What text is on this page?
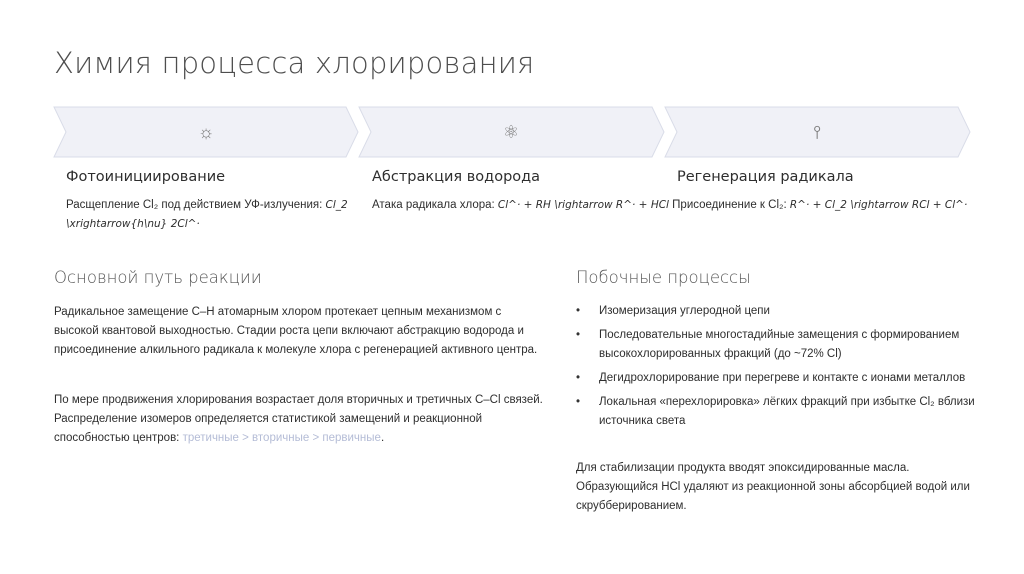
Химия процесса хлорирования
☼	⚛	⫯
Фотоинициирование	Абстракция водорода	Регенерация радикала
Расщепление Cl₂ под действием УФ-излучения: Cl_2 \xrightarrow{h\nu} 2Cl^·
Атака радикала хлора: Cl^· + RH \rightarrow R^· + HCl Присоединение к Cl₂: R^· + Cl_2 \rightarrow RCl + Cl^·
Основной путь реакции

Радикальное замещение C–H атомарным хлором протекает цепным механизмом с высокой квантовой выходностью. Стадии роста цепи включают абстракцию водорода и присоединение алкильного радикала к молекуле хлора с регенерацией активного центра.

По мере продвижения хлорирования возрастает доля вторичных и третичных C–Cl связей. Распределение изомеров определяется статистикой замещений и реакционной способностью центров: третичные > вторичные > первичные.

Побочные процессы
• Изомеризация углеродной цепи
• Последовательные многостадийные замещения с формированием высокохлорированных фракций (до ~72% Cl)
• Дегидрохлорирование при перегреве и контакте с ионами металлов
• Локальная «перехлорировка» лёгких фракций при избытке Cl₂ вблизи источника света

Для стабилизации продукта вводят эпоксидированные масла. Образующийся HCl удаляют из реакционной зоны абсорбцией водой или скрубберированием.
